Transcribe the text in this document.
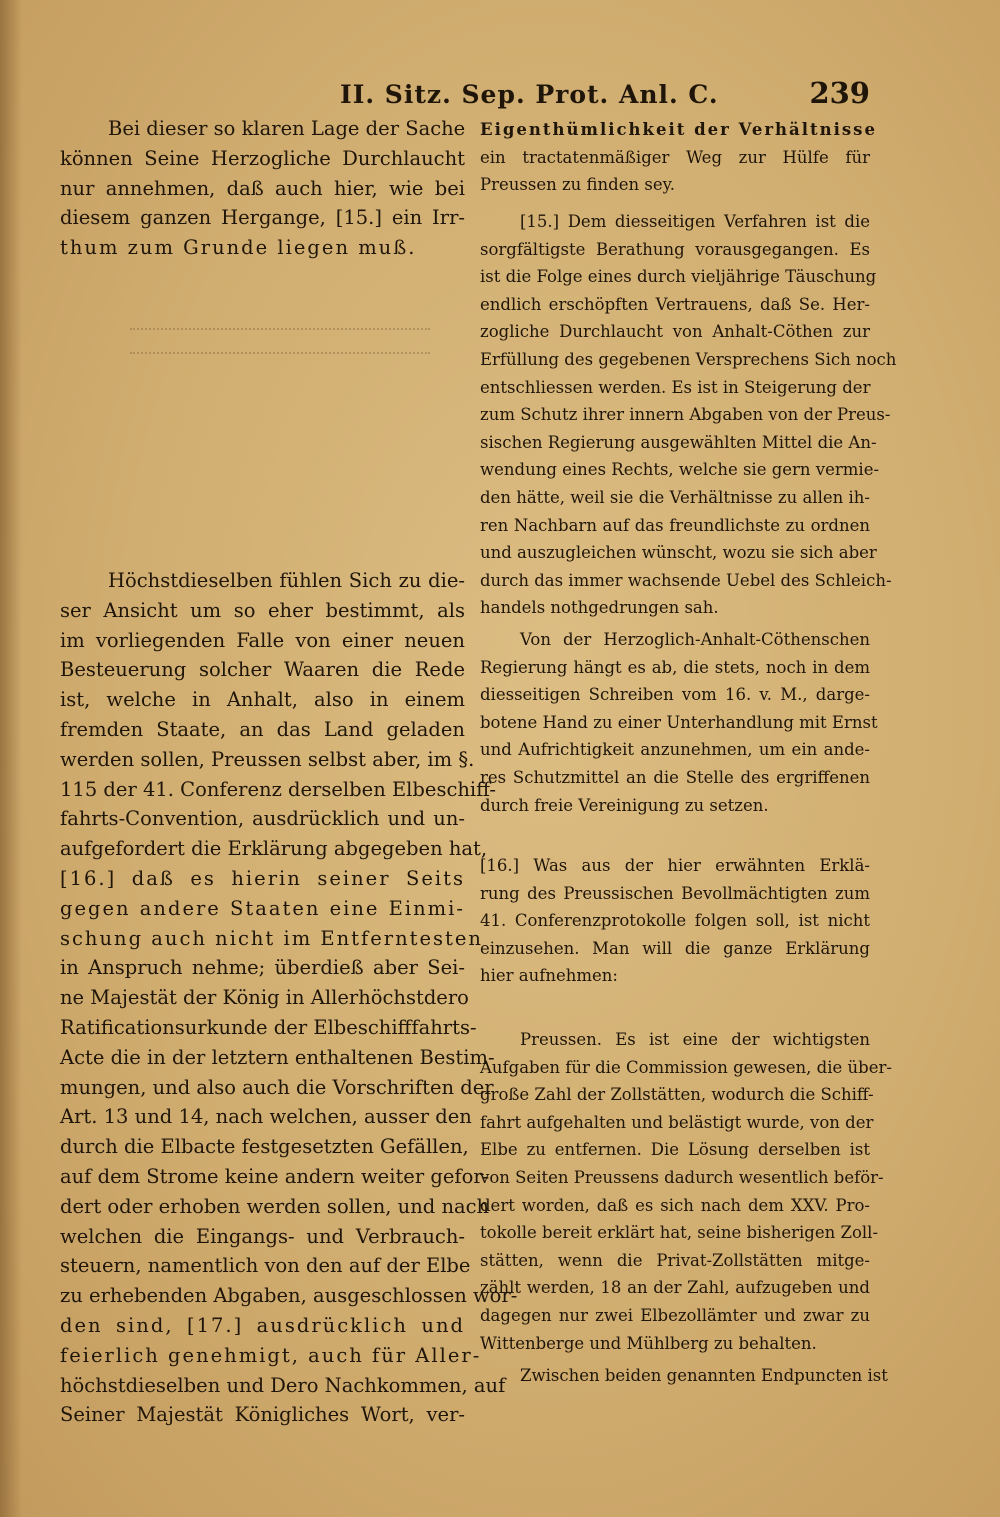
II. Sitz. Sep. Prot. Anl. C.	239
Bei dieser so klaren Lage der Sache
können Seine Herzogliche Durchlaucht
nur annehmen, daß auch hier, wie bei
diesem ganzen Hergange, [15.] ein Irr-
thum zum Grunde liegen muß.
Höchstdieselben fühlen Sich zu die-
ser Ansicht um so eher bestimmt, als
im vorliegenden Falle von einer neuen
Besteuerung solcher Waaren die Rede
ist, welche in Anhalt, also in einem
fremden Staate, an das Land geladen
werden sollen, Preussen selbst aber, im §.
115 der 41. Conferenz derselben Elbeschiff-
fahrts-Convention, ausdrücklich und un-
aufgefordert die Erklärung abgegeben hat,
[16.] daß es hierin seiner Seits
gegen andere Staaten eine Einmi-
schung auch nicht im Entferntesten
in Anspruch nehme; überdieß aber Sei-
ne Majestät der König in Allerhöchstdero
Ratificationsurkunde der Elbeschifffahrts-
Acte die in der letztern enthaltenen Bestim-
mungen, und also auch die Vorschriften der
Art. 13 und 14, nach welchen, ausser den
durch die Elbacte festgesetzten Gefällen,
auf dem Strome keine andern weiter gefor-
dert oder erhoben werden sollen, und nach
welchen die Eingangs- und Verbrauch-
steuern, namentlich von den auf der Elbe
zu erhebenden Abgaben, ausgeschlossen wor-
den sind, [17.] ausdrücklich und
feierlich genehmigt, auch für Aller-
höchstdieselben und Dero Nachkommen, auf
Seiner Majestät Königliches Wort, ver-
Eigenthümlichkeit der Verhältnisse
ein tractatenmäßiger Weg zur Hülfe für
Preussen zu finden sey.
[15.] Dem diesseitigen Verfahren ist die
sorgfältigste Berathung vorausgegangen. Es
ist die Folge eines durch vieljährige Täuschung
endlich erschöpften Vertrauens, daß Se. Her-
zogliche Durchlaucht von Anhalt-Cöthen zur
Erfüllung des gegebenen Versprechens Sich noch
entschliessen werden. Es ist in Steigerung der
zum Schutz ihrer innern Abgaben von der Preus-
sischen Regierung ausgewählten Mittel die An-
wendung eines Rechts, welche sie gern vermie-
den hätte, weil sie die Verhältnisse zu allen ih-
ren Nachbarn auf das freundlichste zu ordnen
und auszugleichen wünscht, wozu sie sich aber
durch das immer wachsende Uebel des Schleich-
handels nothgedrungen sah.
Von der Herzoglich-Anhalt-Cöthenschen
Regierung hängt es ab, die stets, noch in dem
diesseitigen Schreiben vom 16. v. M., darge-
botene Hand zu einer Unterhandlung mit Ernst
und Aufrichtigkeit anzunehmen, um ein ande-
res Schutzmittel an die Stelle des ergriffenen
durch freie Vereinigung zu setzen.
[16.] Was aus der hier erwähnten Erklä-
rung des Preussischen Bevollmächtigten zum
41. Conferenzprotokolle folgen soll, ist nicht
einzusehen. Man will die ganze Erklärung
hier aufnehmen:
Preussen. Es ist eine der wichtigsten
Aufgaben für die Commission gewesen, die über-
große Zahl der Zollstätten, wodurch die Schiff-
fahrt aufgehalten und belästigt wurde, von der
Elbe zu entfernen. Die Lösung derselben ist
von Seiten Preussens dadurch wesentlich beför-
dert worden, daß es sich nach dem XXV. Pro-
tokolle bereit erklärt hat, seine bisherigen Zoll-
stätten, wenn die Privat-Zollstätten mitge-
zählt werden, 18 an der Zahl, aufzugeben und
dagegen nur zwei Elbezollämter und zwar zu
Wittenberge und Mühlberg zu behalten.
Zwischen beiden genannten Endpuncten ist
